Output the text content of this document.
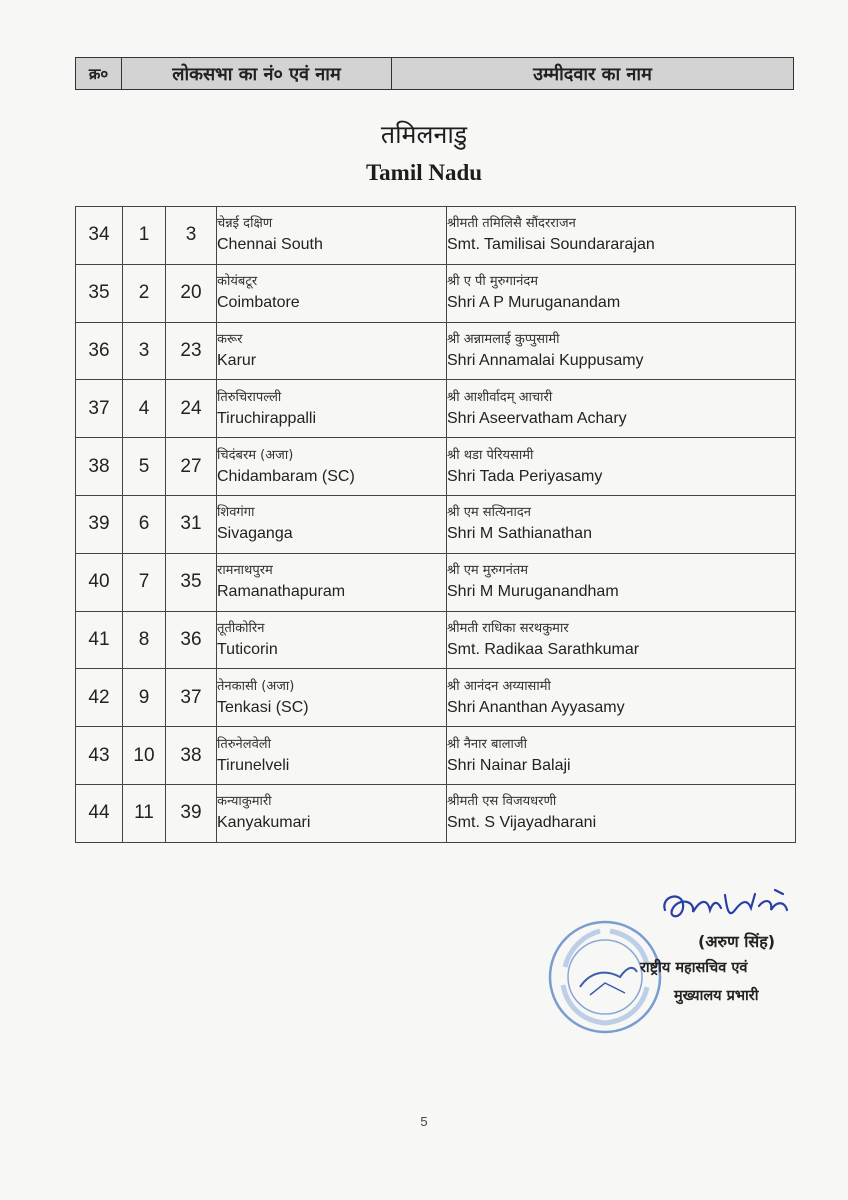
क्र०	लोकसभा का नं० एवं नाम	उम्मीदवार का नाम
तमिलनाडु
Tamil Nadu
34	1	3	चेन्नई दक्षिण
Chennai South	श्रीमती तमिलिसै सौंदरराजन
Smt. Tamilisai Soundararajan

35	2	20	कोयंबटूर
Coimbatore	श्री ए पी मुरुगानंदम
Shri A P Muruganandam

36	3	23	करूर
Karur	श्री अन्नामलाई कुप्पुसामी
Shri Annamalai Kuppusamy

37	4	24	तिरुचिरापल्ली
Tiruchirappalli	श्री आशीर्वादम् आचारी
Shri Aseervatham Achary

38	5	27	चिदंबरम (अजा)
Chidambaram (SC)	श्री थडा पेरियसामी
Shri Tada Periyasamy

39	6	31	शिवगंगा
Sivaganga	श्री एम सत्यिनादन
Shri M Sathianathan

40	7	35	रामनाथपुरम
Ramanathapuram	श्री एम मुरुगनंतम
Shri M Muruganandham

41	8	36	तूतीकोरिन
Tuticorin	श्रीमती राधिका सरथकुमार
Smt. Radikaa Sarathkumar

42	9	37	तेनकासी (अजा)
Tenkasi (SC)	श्री आनंदन अय्यासामी
Shri Ananthan Ayyasamy

43	10	38	तिरुनेलवेली
Tirunelveli	श्री नैनार बालाजी
Shri Nainar Balaji

44	11	39	कन्याकुमारी
Kanyakumari	श्रीमती एस विजयधरणी
Smt. S Vijayadharani
(अरुण सिंह)
राष्ट्रीय महासचिव एवं
मुख्यालय प्रभारी
5
